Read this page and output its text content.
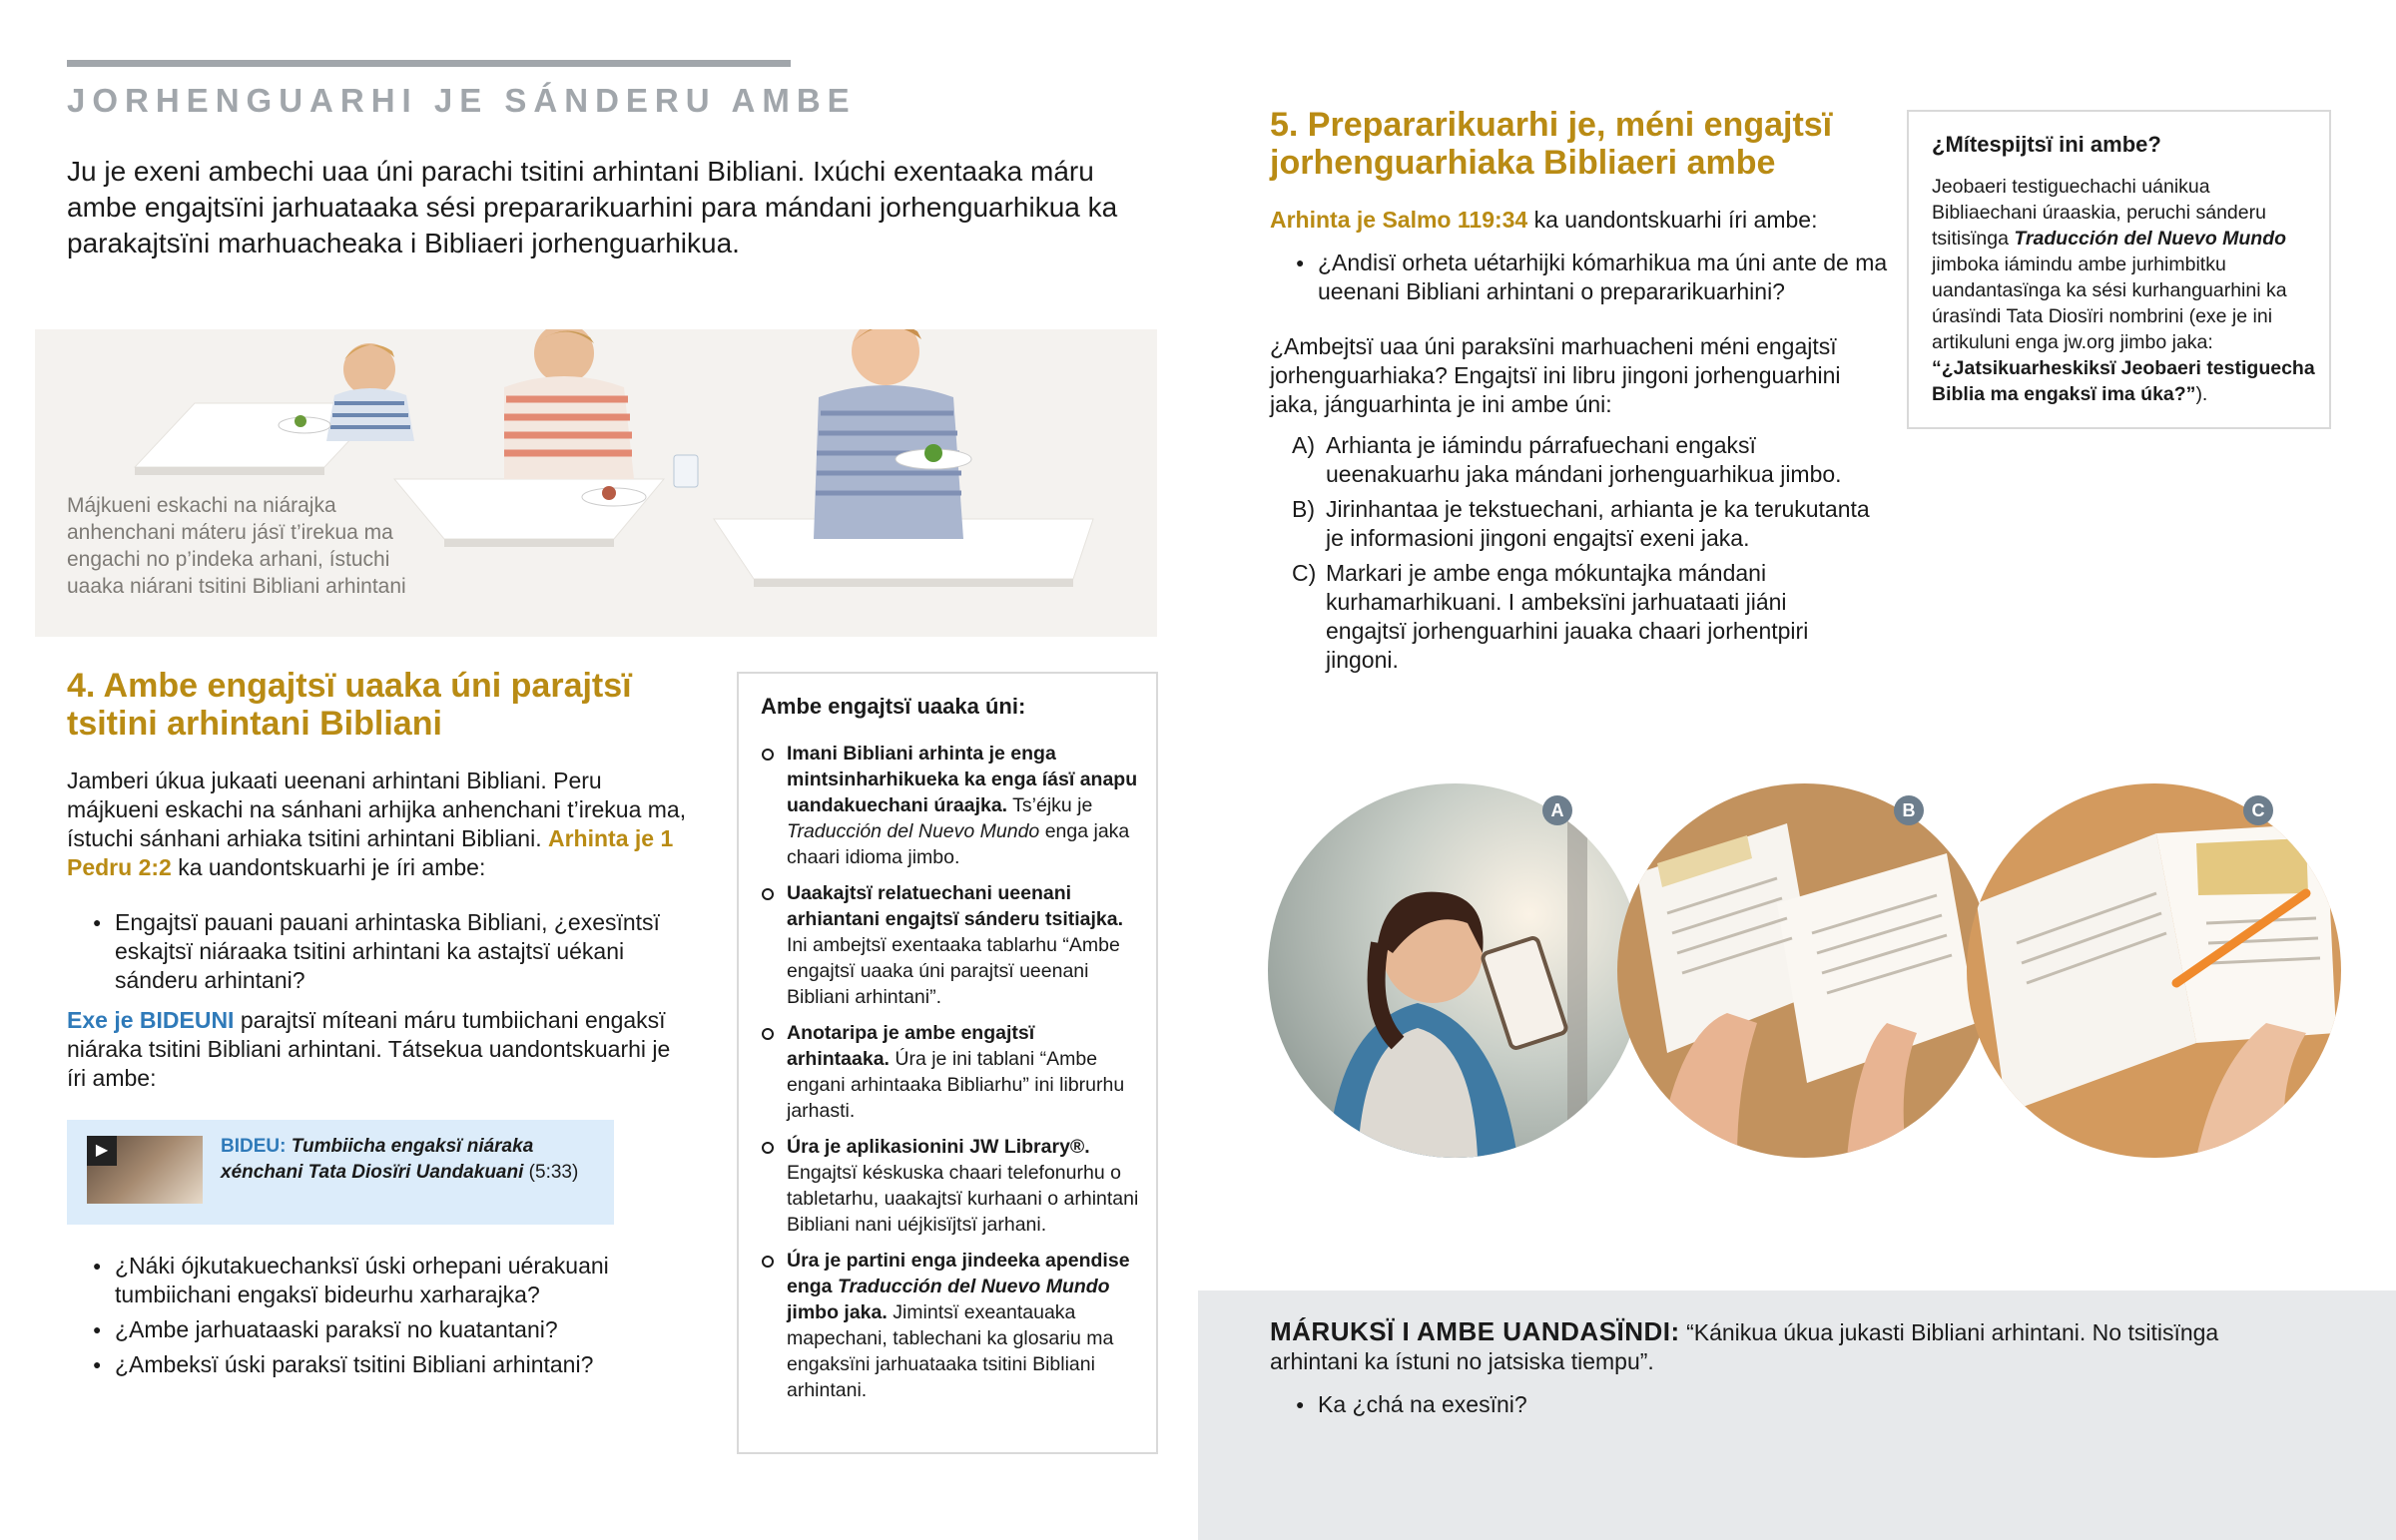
JORHENGUARHI JE SÁNDERU AMBE
Ju je exeni ambechi uaa úni parachi tsitini arhintani Bibliani. Ixúchi exentaaka máru ambe engajtsïni jarhuataaka sési prepararikuarhini para mándani jorhenguarhikua ka parakajtsïni marhuacheaka i Bibliaeri jorhenguarhikua.
Májkueni eskachi na niárajka anhenchani máteru jásï t’irekua ma engachi no p’indeka arhani, ístuchi uaaka niárani tsitini Bibliani arhintani
4. Ambe engajtsï uaaka úni parajtsï tsitini arhintani Bibliani
Jamberi úkua jukaati ueenani arhintani Bibliani. Peru májkueni eskachi na sánhani arhijka anhenchani t’irekua ma, ístuchi sánhani arhiaka tsitini arhintani Bibliani. Arhinta je 1 Pedru 2:2 ka uandontskuarhi je íri ambe:
● Engajtsï pauani pauani arhintaska Bibliani, ¿exesïntsï eskajtsï niáraaka tsitini arhintani ka astajtsï uékani sánderu arhintani?
Exe je BIDEUNI parajtsï míteani máru tumbiichani engaksï niáraka tsitini Bibliani arhintani. Tátsekua uandontskuarhi je íri ambe:
▶	BIDEU: Tumbiicha engaksï niáraka xénchani Tata Diosïri Uandakuani (5:33)
● ¿Náki ójkutakuechanksï úski orhepani uérakuani tumbiichani engaksï bideurhu xarharajka?
● ¿Ambe jarhuataaski paraksï no kuatantani?
● ¿Ambeksï úski paraksï tsitini Bibliani arhintani?
Ambe engajtsï uaaka úni:
Imani Bibliani arhinta je enga mintsinharhikueka ka enga íásï anapu uandakuechani úraajka. Ts’éjku je Traducción del Nuevo Mundo enga jaka chaari idioma jimbo.
Uaakajtsï relatuechani ueenani arhiantani engajtsï sánderu tsitiajka. Ini ambejtsï exentaaka tablarhu “Ambe engajtsï uaaka úni parajtsï ueenani Bibliani arhintani”.
Anotaripa je ambe engajtsï arhintaaka. Úra je ini tablani “Ambe engani arhintaaka Bibliarhu” ini librurhu jarhasti.
Úra je aplikasionini JW Library®. Engajtsï késkuska chaari telefonurhu o tabletarhu, uaakajtsï kurhaani o arhintani Bibliani nani uéjkisïjtsï jarhani.
Úra je partini enga jindeeka apendise enga Traducción del Nuevo Mundo jimbo jaka. Jimintsï exeantauaka mapechani, tablechani ka glosariu ma engaksïni jarhuataaka tsitini Bibliani arhintani.
5. Prepararikuarhi je, méni engajtsï jorhenguarhiaka Bibliaeri ambe
Arhinta je Salmo 119:34 ka uandontskuarhi íri ambe:
● ¿Andisï orheta uétarhijki kómarhikua ma úni ante de ma ueenani Bibliani arhintani o prepararikuarhini?
¿Ambejtsï uaa úni paraksïni marhuacheni méni engajtsï jorhenguarhiaka? Engajtsï ini libru jingoni jorhenguarhini jaka, jánguarhinta je ini ambe úni:
A) Arhianta je iámindu párrafuechani engaksï ueenakuarhu jaka mándani jorhenguarhikua jimbo.
B) Jirinhantaa je tekstuechani, arhianta je ka terukutanta je informasioni jingoni engajtsï exeni jaka.
C) Markari je ambe enga mókuntajka mándani kurhamarhikuani. I ambeksïni jarhuataati jiáni engajtsï jorhenguarhini jauaka chaari jorhentpiri jingoni.
¿Mítespijtsï ini ambe?
Jeobaeri testiguechachi uánikua Bibliaechani úraaskia, peruchi sánderu tsitisïnga Traducción del Nuevo Mundo jimboka iámindu ambe jurhimbitku uandantasïnga ka sési kurhanguarhini ka úrasïndi Tata Diosïri nombrini (exe je ini artikuluni enga jw.org jimbo jaka: “¿Jatsikuarheskiksï Jeobaeri testiguecha Biblia ma engaksï ima úka?”).
A	B	C
MÁRUKSÏ I AMBE UANDASÏNDI: “Kánikua úkua jukasti Bibliani arhintani. No tsitisïnga arhintani ka ístuni no jatsiska tiempu”.
● Ka ¿chá na exesïni?
